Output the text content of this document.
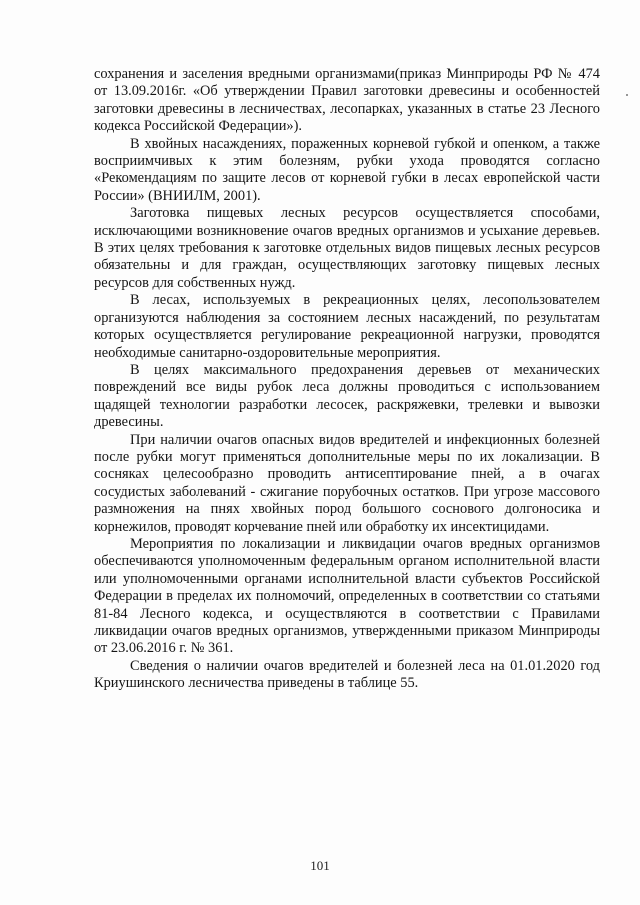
сохранения и заселения вредными организмами(приказ Минприроды РФ № 474 от 13.09.2016г. «Об утверждении Правил заготовки древесины и особенностей заготовки древесины в лесничествах, лесопарках, указанных в статье 23 Лесного кодекса Российской Федерации»).

В хвойных насаждениях, пораженных корневой губкой и опенком, а также восприимчивых к этим болезням, рубки ухода проводятся согласно «Рекомендациям по защите лесов от корневой губки в лесах европейской части России» (ВНИИЛМ, 2001).

Заготовка пищевых лесных ресурсов осуществляется способами, исключающими возникновение очагов вредных организмов и усыхание деревьев. В этих целях требования к заготовке отдельных видов пищевых лесных ресурсов обязательны и для граждан, осуществляющих заготовку пищевых лесных ресурсов для собственных нужд.

В лесах, используемых в рекреационных целях, лесопользователем организуются наблюдения за состоянием лесных насаждений, по результатам которых осуществляется регулирование рекреационной нагрузки, проводятся необходимые санитарно-оздоровительные мероприятия.

В целях максимального предохранения деревьев от механических повреждений все виды рубок леса должны проводиться с использованием щадящей технологии разработки лесосек, раскряжевки, трелевки и вывозки древесины.

При наличии очагов опасных видов вредителей и инфекционных болезней после рубки могут применяться дополнительные меры по их локализации. В сосняках целесообразно проводить антисептирование пней, а в очагах сосудистых заболеваний - сжигание порубочных остатков. При угрозе массового размножения на пнях хвойных пород большого соснового долгоносика и корнежилов, проводят корчевание пней или обработку их инсектицидами.

Мероприятия по локализации и ликвидации очагов вредных организмов обеспечиваются уполномоченным федеральным органом исполнительной власти или уполномоченными органами исполнительной власти субъектов Российской Федерации в пределах их полномочий, определенных в соответствии со статьями 81-84 Лесного кодекса, и осуществляются в соответствии с Правилами ликвидации очагов вредных организмов, утвержденными приказом Минприроды от 23.06.2016 г. № 361.

Сведения о наличии очагов вредителей и болезней леса на 01.01.2020 год Криушинского лесничества приведены в таблице 55.

101
